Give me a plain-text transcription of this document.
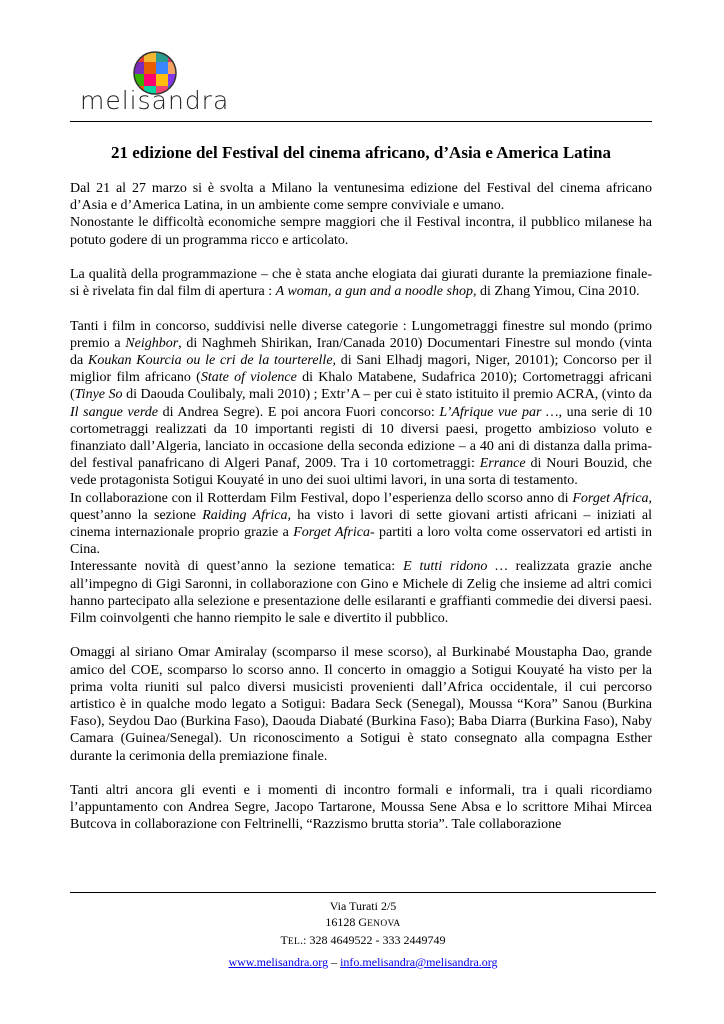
melisandra
21 edizione del Festival del cinema africano, d’Asia e America Latina

Dal 21 al 27 marzo si è svolta a Milano la ventunesima edizione del Festival del cinema africano d’Asia e d’America Latina, in un ambiente come sempre conviviale e umano.

Nonostante le difficoltà economiche sempre maggiori che il Festival incontra, il pubblico milanese ha potuto godere di un programma ricco e articolato.

La qualità della programmazione – che è stata anche elogiata dai giurati durante la premiazione finale- si è rivelata fin dal film di apertura : A woman, a gun and a noodle shop, di Zhang Yimou, Cina 2010.

Tanti i film in concorso, suddivisi nelle diverse categorie : Lungometraggi finestre sul mondo (primo premio a Neighbor, di Naghmeh Shirikan, Iran/Canada 2010) Documentari Finestre sul mondo (vinta da Koukan Kourcia ou le cri de la tourterelle, di Sani Elhadj magori, Niger, 20101); Concorso per il miglior film africano (State of violence di Khalo Matabene, Sudafrica 2010); Cortometraggi africani (Tinye So di Daouda Coulibaly, mali 2010) ; Extr’A – per cui è stato istituito il premio ACRA, (vinto da Il sangue verde di Andrea Segre). E poi ancora Fuori concorso: L’Afrique vue par …, una serie di 10 cortometraggi realizzati da 10 importanti registi di 10 diversi paesi, progetto ambizioso voluto e finanziato dall’Algeria, lanciato in occasione della seconda edizione – a 40 ani di distanza dalla prima- del festival panafricano di Algeri Panaf, 2009. Tra i 10 cortometraggi: Errance di Nouri Bouzid, che vede protagonista Sotigui Kouyaté in uno dei suoi ultimi lavori, in una sorta di testamento.

In collaborazione con il Rotterdam Film Festival, dopo l’esperienza dello scorso anno di Forget Africa, quest’anno la sezione Raiding Africa, ha visto i lavori di sette giovani artisti africani – iniziati al cinema internazionale proprio grazie a Forget Africa- partiti a loro volta come osservatori ed artisti in Cina.

Interessante novità di quest’anno la sezione tematica: E tutti ridono … realizzata grazie anche all’impegno di Gigi Saronni, in collaborazione con Gino e Michele di Zelig che insieme ad altri comici hanno partecipato alla selezione e presentazione delle esilaranti e graffianti commedie dei diversi paesi. Film coinvolgenti che hanno riempito le sale e divertito il pubblico.

Omaggi al siriano Omar Amiralay (scomparso il mese scorso), al Burkinabé Moustapha Dao, grande amico del COE, scomparso lo scorso anno. Il concerto in omaggio a Sotigui Kouyaté ha visto per la prima volta riuniti sul palco diversi musicisti provenienti dall’Africa occidentale, il cui percorso artistico è in qualche modo legato a Sotigui: Badara Seck (Senegal), Moussa “Kora” Sanou (Burkina Faso), Seydou Dao (Burkina Faso), Daouda Diabaté (Burkina Faso); Baba Diarra (Burkina Faso), Naby Camara (Guinea/Senegal). Un riconoscimento a Sotigui è stato consegnato alla compagna Esther durante la cerimonia della premiazione finale.

Tanti altri ancora gli eventi e i momenti di incontro formali e informali, tra i quali ricordiamo l’appuntamento con Andrea Segre, Jacopo Tartarone, Moussa Sene Absa e lo scrittore Mihai Mircea Butcova in collaborazione con Feltrinelli, “Razzismo brutta storia”. Tale collaborazione

Via Turati 2/5
16128 GENOVA
TEL.: 328 4649522 - 333 2449749
www.melisandra.org – info.melisandra@melisandra.org
